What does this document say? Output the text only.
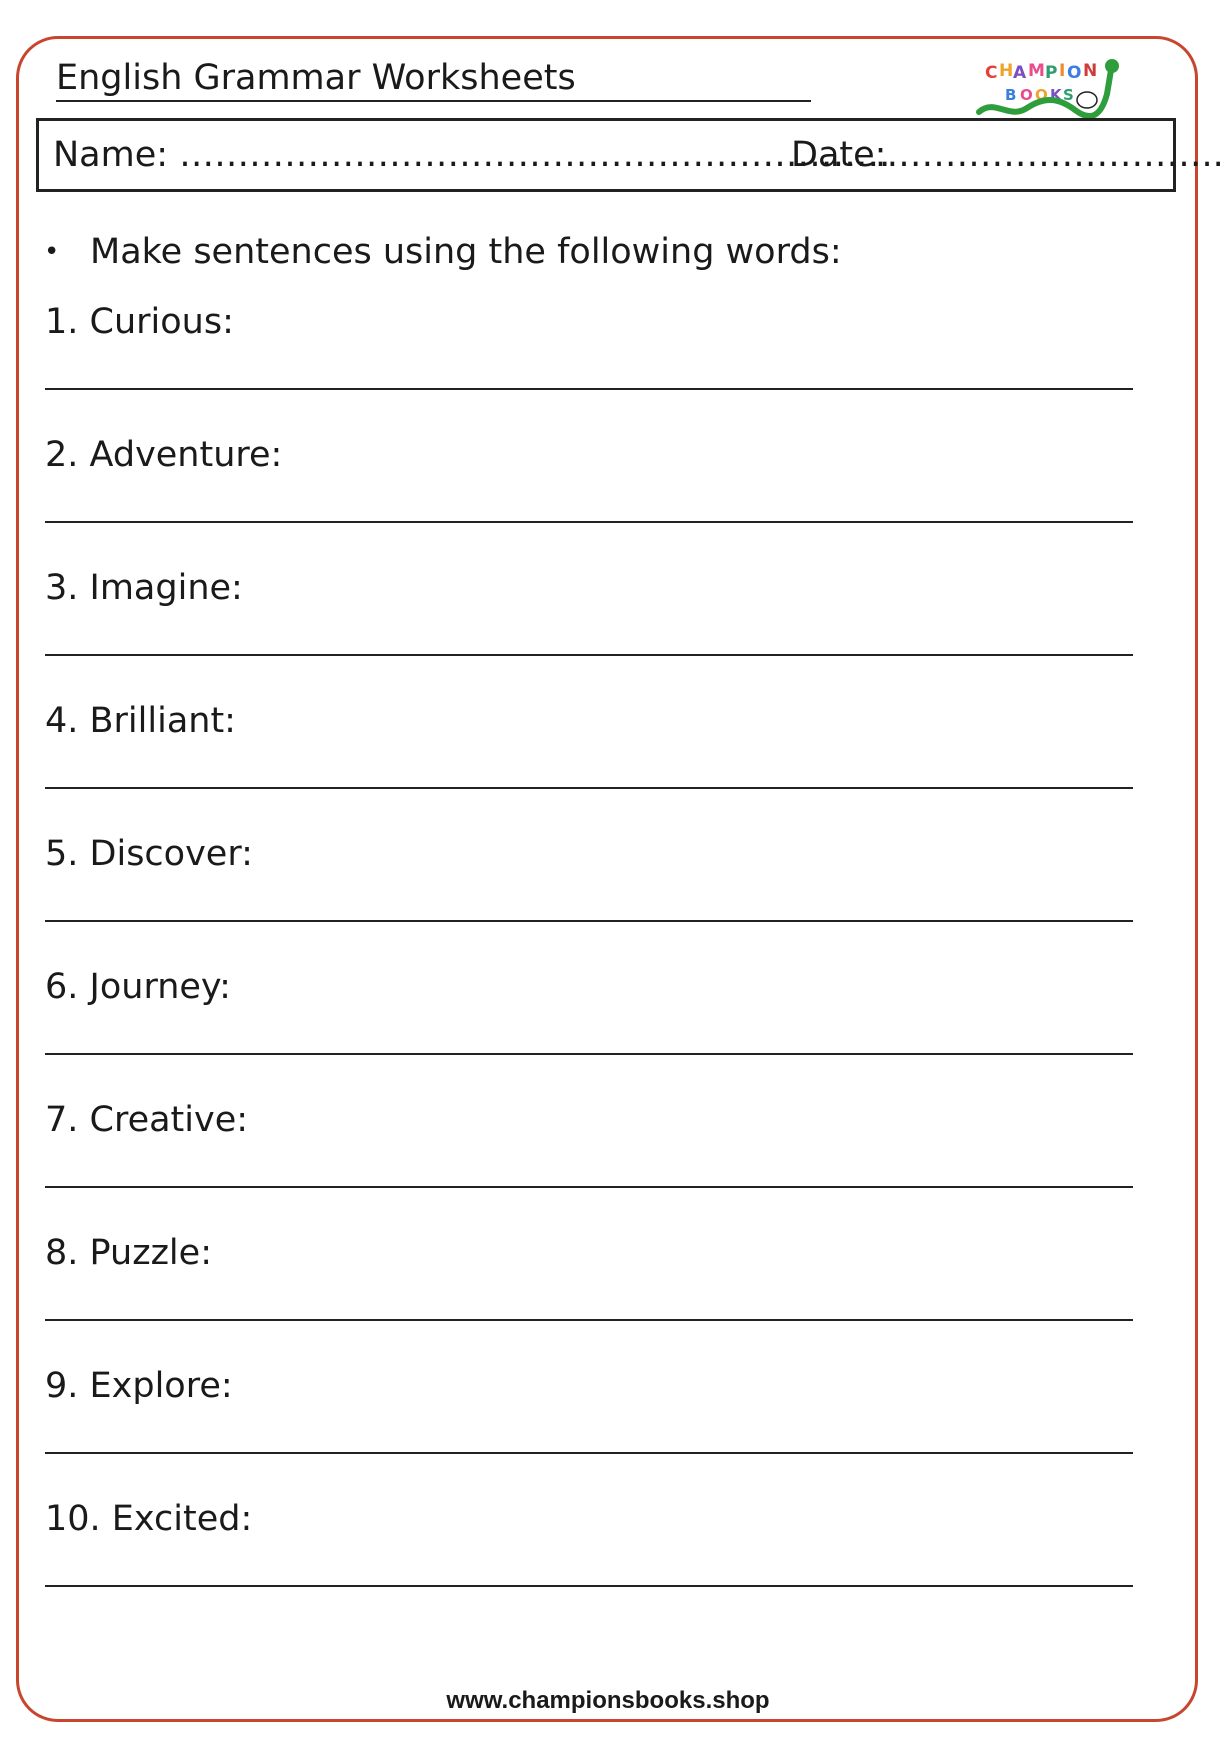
English Grammar Worksheets	C H A M P I O N
B O O K S
Name: …………………………………………………….
Date:………………………..
• Make sentences using the following words:
1. Curious:
2. Adventure:
3. Imagine:
4. Brilliant:
5. Discover:
6. Journey:
7. Creative:
8. Puzzle:
9. Explore:
10. Excited:
www.championsbooks.shop
